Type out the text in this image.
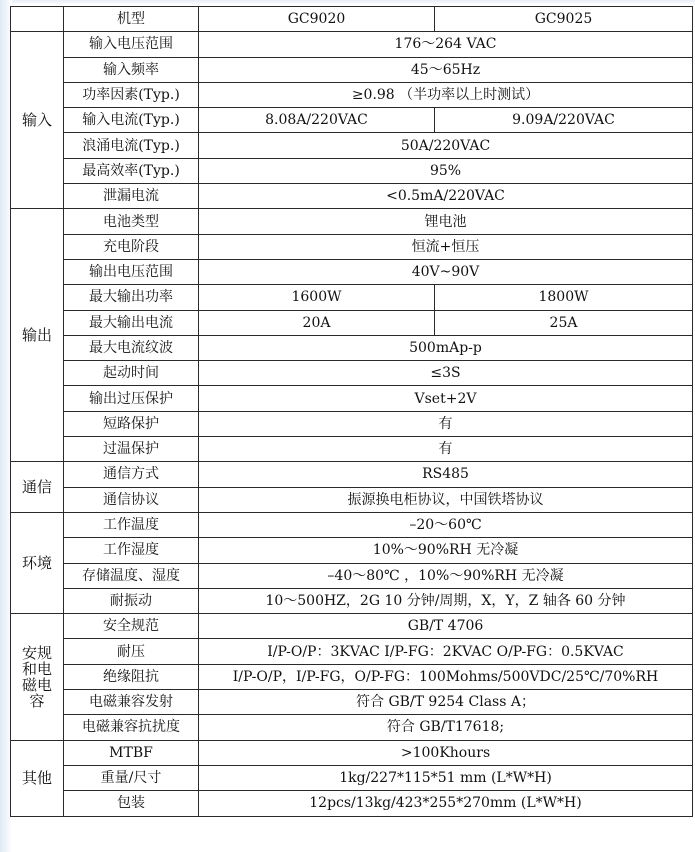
	机型	GC9020	GC9025
输入	输入电压范围	176～264 VAC	
	输入频率	45～65Hz	
	功率因素(Typ.)	≥0.98 （半功率以上时测试）	
	输入电流(Typ.)	8.08A/220VAC	9.09A/220VAC
	浪涌电流(Typ.)	50A/220VAC	
	最高效率(Typ.)	95%	
	泄漏电流	<0.5mA/220VAC	
输出	电池类型	锂电池	
	充电阶段	恒流+恒压	
	输出电压范围	40V~90V	
	最大输出功率	1600W	1800W
	最大输出电流	20A	25A
	最大电流纹波	500mAp-p	
	起动时间	≤3S	
	输出过压保护	Vset+2V	
	短路保护	有	
	过温保护	有	
通信	通信方式	RS485	
	通信协议	振源换电柜协议，中国铁塔协议	
环境	工作温度	–20～60℃	
	工作湿度	10%～90%RH 无冷凝	
	存储温度、湿度	–40～80℃ ，10%～90%RH 无冷凝	
	耐振动	10～500HZ，2G 10 分钟/周期，X，Y，Z 轴各 60 分钟	

安规和电磁电容	安全规范	GB/T 4706	
	耐压	I/P-O/P：3KVAC I/P-FG：2KVAC O/P-FG：0.5KVAC	
	绝缘阻抗	I/P-O/P，I/P-FG，O/P-FG：100Mohms/500VDC/25℃/70%RH	
	电磁兼容发射	符合 GB/T 9254 Class A；	
	电磁兼容抗扰度	符合 GB/T17618;	
其他	MTBF	>100Khours	
	重量/尺寸	1kg/227*115*51 mm (L*W*H)	
	包装	12pcs/13kg/423*255*270mm (L*W*H)	
